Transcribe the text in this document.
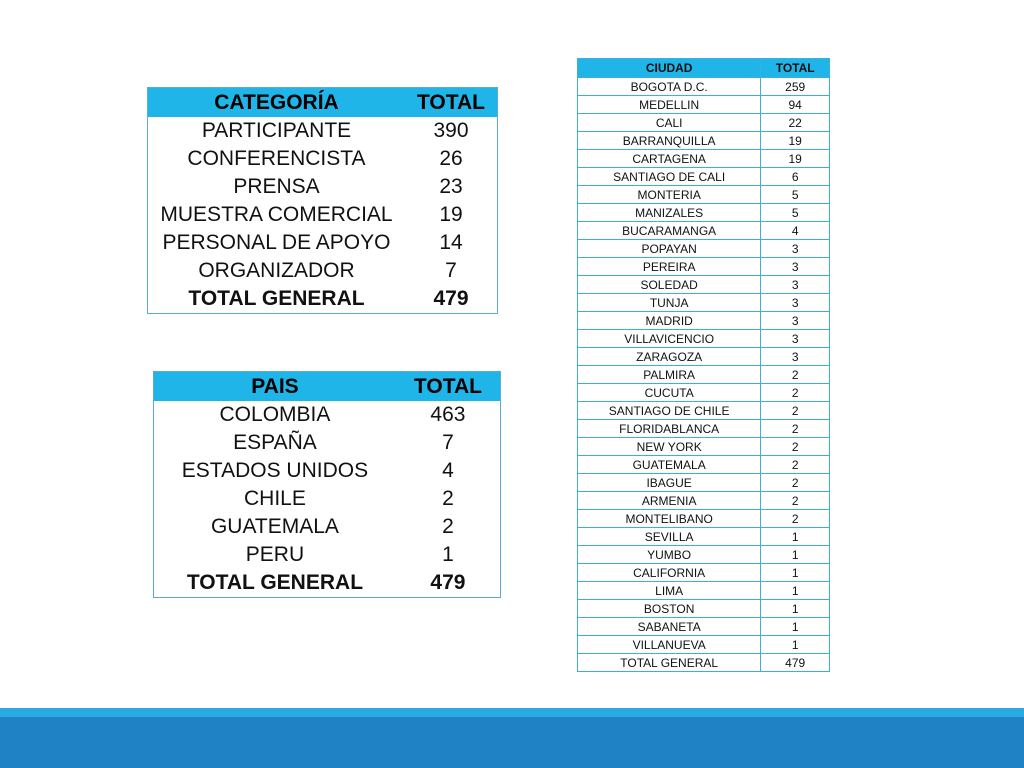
CATEGORÍA	TOTAL
PARTICIPANTE	390
CONFERENCISTA	26
PRENSA	23
MUESTRA COMERCIAL	19
PERSONAL DE APOYO	14
ORGANIZADOR	7
TOTAL GENERAL	479
PAIS	TOTAL
COLOMBIA	463
ESPAÑA	7
ESTADOS UNIDOS	4
CHILE	2
GUATEMALA	2
PERU	1
TOTAL GENERAL	479
CIUDAD	TOTAL
BOGOTA D.C.	259
MEDELLIN	94
CALI	22
BARRANQUILLA	19
CARTAGENA	19
SANTIAGO DE CALI	6
MONTERIA	5
MANIZALES	5
BUCARAMANGA	4
POPAYAN	3
PEREIRA	3
SOLEDAD	3
TUNJA	3
MADRID	3
VILLAVICENCIO	3
ZARAGOZA	3
PALMIRA	2
CUCUTA	2
SANTIAGO DE CHILE	2
FLORIDABLANCA	2
NEW YORK	2
GUATEMALA	2
IBAGUE	2
ARMENIA	2
MONTELIBANO	2
SEVILLA	1
YUMBO	1
CALIFORNIA	1
LIMA	1
BOSTON	1
SABANETA	1
VILLANUEVA	1
TOTAL GENERAL	479
